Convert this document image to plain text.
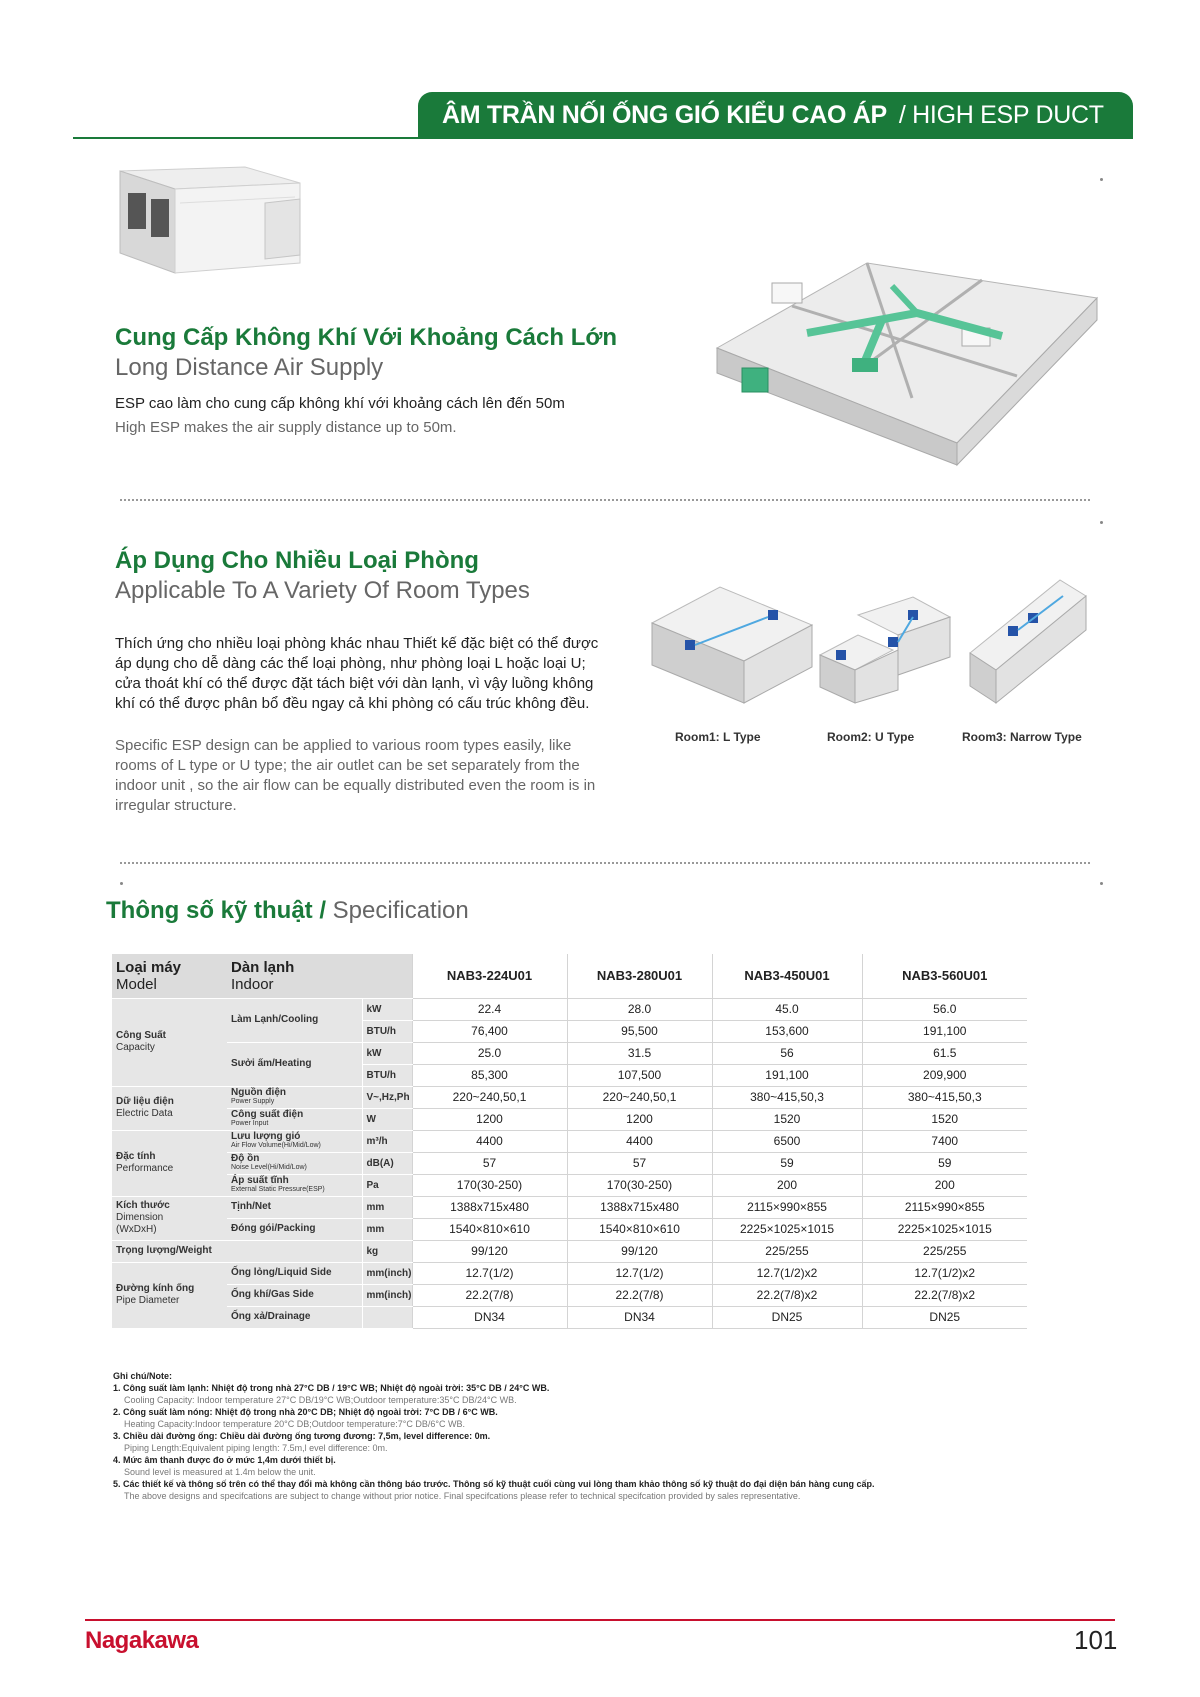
ÂM TRẦN NỐI ỐNG GIÓ KIỂU CAO ÁP / HIGH ESP DUCT
Cung Cấp Không Khí Với Khoảng Cách Lớn
Long Distance Air Supply
ESP cao làm cho cung cấp không khí với khoảng cách lên đến 50m
High ESP makes the air supply distance up to 50m.
Áp Dụng Cho Nhiều Loại Phòng
Applicable To A Variety Of Room Types
Thích ứng cho nhiều loại phòng khác nhau Thiết kế đặc biệt có thể được áp dụng cho dễ dàng các thể loại phòng, như phòng loại L hoặc loại U; cửa thoát khí có thể được đặt tách biệt với dàn lạnh, vì vậy luồng không khí có thể được phân bổ đều ngay cả khi phòng có cấu trúc không đều.
Specific ESP design can be applied to various room types easily, like rooms of L type or U type; the air outlet can be set separately from the indoor unit , so the air flow can be equally distributed even the room is in irregular structure.
Room1: L Type	Room2: U Type	Room3: Narrow Type
Thông số kỹ thuật / Specification
Loại máy
Model	Dàn lạnh
Indoor		NAB3-224U01	NAB3-280U01	NAB3-450U01	NAB3-560U01
Công Suất
Capacity	Làm Lạnh/Cooling	kW	22.4	28.0	45.0	56.0
		BTU/h	76,400	95,500	153,600	191,100
	Sưởi ấm/Heating	kW	25.0	31.5	56	61.5
		BTU/h	85,300	107,500	191,100	209,900
Dữ liệu điện
Electric Data	Nguồn điện
Power Supply	V~,Hz,Ph	220~240,50,1	220~240,50,1	380~415,50,3	380~415,50,3
	Công suất điện
Power Input	W	1200	1200	1520	1520
Đặc tính
Performance	Lưu lượng gió
Air Flow Volume(Hi/Mid/Low)	m³/h	4400	4400	6500	7400
	Độ ồn
Noise Level(Hi/Mid/Low)	dB(A)	57	57	59	59
	Áp suất tĩnh
External Static Pressure(ESP)	Pa	170(30-250)	170(30-250)	200	200
Kích thước
Dimension
(WxDxH)	Tịnh/Net	mm	1388x715x480	1388x715x480	2115×990×855	2115×990×855
	Đóng gói/Packing	mm	1540×810×610	1540×810×610	2225×1025×1015	2225×1025×1015
Trọng lượng/Weight		kg	99/120	99/120	225/255	225/255
Đường kính ống
Pipe Diameter	Ống lỏng/Liquid Side	mm(inch)	12.7(1/2)	12.7(1/2)	12.7(1/2)x2	12.7(1/2)x2
	Ống khí/Gas Side	mm(inch)	22.2(7/8)	22.2(7/8)	22.2(7/8)x2	22.2(7/8)x2
	Ống xả/Drainage		DN34	DN34	DN25	DN25
Ghi chú/Note:
1. Công suất làm lạnh: Nhiệt độ trong nhà 27°C DB / 19°C WB; Nhiệt độ ngoài trời: 35°C DB / 24°C WB.
Cooling Capacity: Indoor temperature 27°C DB/19°C WB;Outdoor temperature:35°C DB/24°C WB.
2. Công suất làm nóng: Nhiệt độ trong nhà 20°C DB; Nhiệt độ ngoài trời: 7°C DB / 6°C WB.
Heating Capacity:Indoor temperature 20°C DB;Outdoor temperature:7°C DB/6°C WB.
3. Chiều dài đường ống: Chiều dài đường ống tương đương: 7,5m, level difference: 0m.
Piping Length:Equivalent piping length: 7.5m,l evel difference: 0m.
4. Mức âm thanh được đo ở mức 1,4m dưới thiết bị.
Sound level is measured at 1.4m below the unit.
5. Các thiết kế và thông số trên có thể thay đổi mà không cần thông báo trước. Thông số kỹ thuật cuối cùng vui lòng tham khảo thông số kỹ thuật do đại diện bán hàng cung cấp.
The above designs and specifcations are subject to change without prior notice. Final specifcations please refer to technical specifcation provided by sales representative.
Nagakawa	101
